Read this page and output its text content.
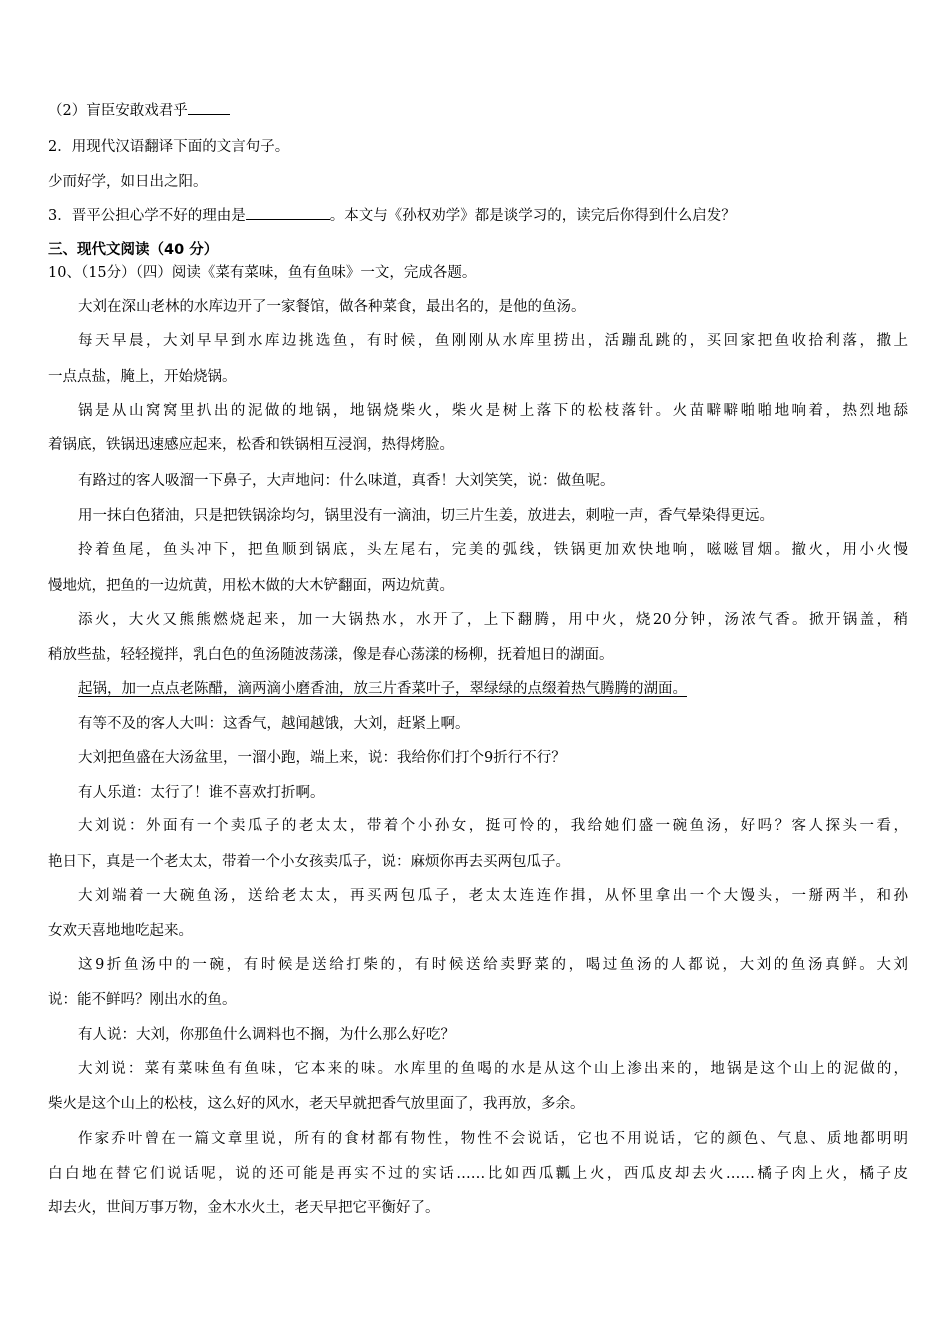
（2）盲臣安敢戏君乎
2．用现代汉语翻译下面的文言句子。
少而好学，如日出之阳。
3．晋平公担心学不好的理由是	。本文与《孙权劝学》都是谈学习的，读完后你得到什么启发？
三、现代文阅读（40 分）
10、（15分）（四）阅读《菜有菜味，鱼有鱼味》一文，完成各题。
大刘在深山老林的水库边开了一家餐馆，做各种菜食，最出名的，是他的鱼汤。
每天早晨，大刘早早到水库边挑选鱼，有时候，鱼刚刚从水库里捞出，活蹦乱跳的，买回家把鱼收拾利落，撒上
一点点盐，腌上，开始烧锅。
锅是从山窝窝里扒出的泥做的地锅，地锅烧柴火，柴火是树上落下的松枝落针。火苗噼噼啪啪地响着，热烈地舔
着锅底，铁锅迅速感应起来，松香和铁锅相互浸润，热得烤脸。
有路过的客人吸溜一下鼻子，大声地问：什么味道，真香！大刘笑笑，说：做鱼呢。
用一抹白色猪油，只是把铁锅涂均匀，锅里没有一滴油，切三片生姜，放进去，刺啦一声，香气晕染得更远。
拎着鱼尾，鱼头冲下，把鱼顺到锅底，头左尾右，完美的弧线，铁锅更加欢快地响，嗞嗞冒烟。撤火，用小火慢
慢地炕，把鱼的一边炕黄，用松木做的大木铲翻面，两边炕黄。
添火，大火又熊熊燃烧起来，加一大锅热水，水开了，上下翻腾，用中火，烧20分钟，汤浓气香。掀开锅盖，稍
稍放些盐，轻轻搅拌，乳白色的鱼汤随波荡漾，像是春心荡漾的杨柳，抚着旭日的湖面。
起锅，加一点点老陈醋，滴两滴小磨香油，放三片香菜叶子，翠绿绿的点缀着热气腾腾的湖面。
有等不及的客人大叫：这香气，越闻越饿，大刘，赶紧上啊。
大刘把鱼盛在大汤盆里，一溜小跑，端上来，说：我给你们打个9折行不行？
有人乐道：太行了！谁不喜欢打折啊。
大刘说：外面有一个卖瓜子的老太太，带着个小孙女，挺可怜的，我给她们盛一碗鱼汤，好吗？客人探头一看，
艳日下，真是一个老太太，带着一个小女孩卖瓜子，说：麻烦你再去买两包瓜子。
大刘端着一大碗鱼汤，送给老太太，再买两包瓜子，老太太连连作揖，从怀里拿出一个大馒头，一掰两半，和孙
女欢天喜地地吃起来。
这9折鱼汤中的一碗，有时候是送给打柴的，有时候送给卖野菜的，喝过鱼汤的人都说，大刘的鱼汤真鲜。大刘
说：能不鲜吗？刚出水的鱼。
有人说：大刘，你那鱼什么调料也不搁，为什么那么好吃？
大刘说：菜有菜味鱼有鱼味，它本来的味。水库里的鱼喝的水是从这个山上渗出来的，地锅是这个山上的泥做的，
柴火是这个山上的松枝，这么好的风水，老天早就把香气放里面了，我再放，多余。
作家乔叶曾在一篇文章里说，所有的食材都有物性，物性不会说话，它也不用说话，它的颜色、气息、质地都明明
白白地在替它们说话呢，说的还可能是再实不过的实话……比如西瓜瓤上火，西瓜皮却去火……橘子肉上火，橘子皮
却去火，世间万事万物，金木水火土，老天早把它平衡好了。
